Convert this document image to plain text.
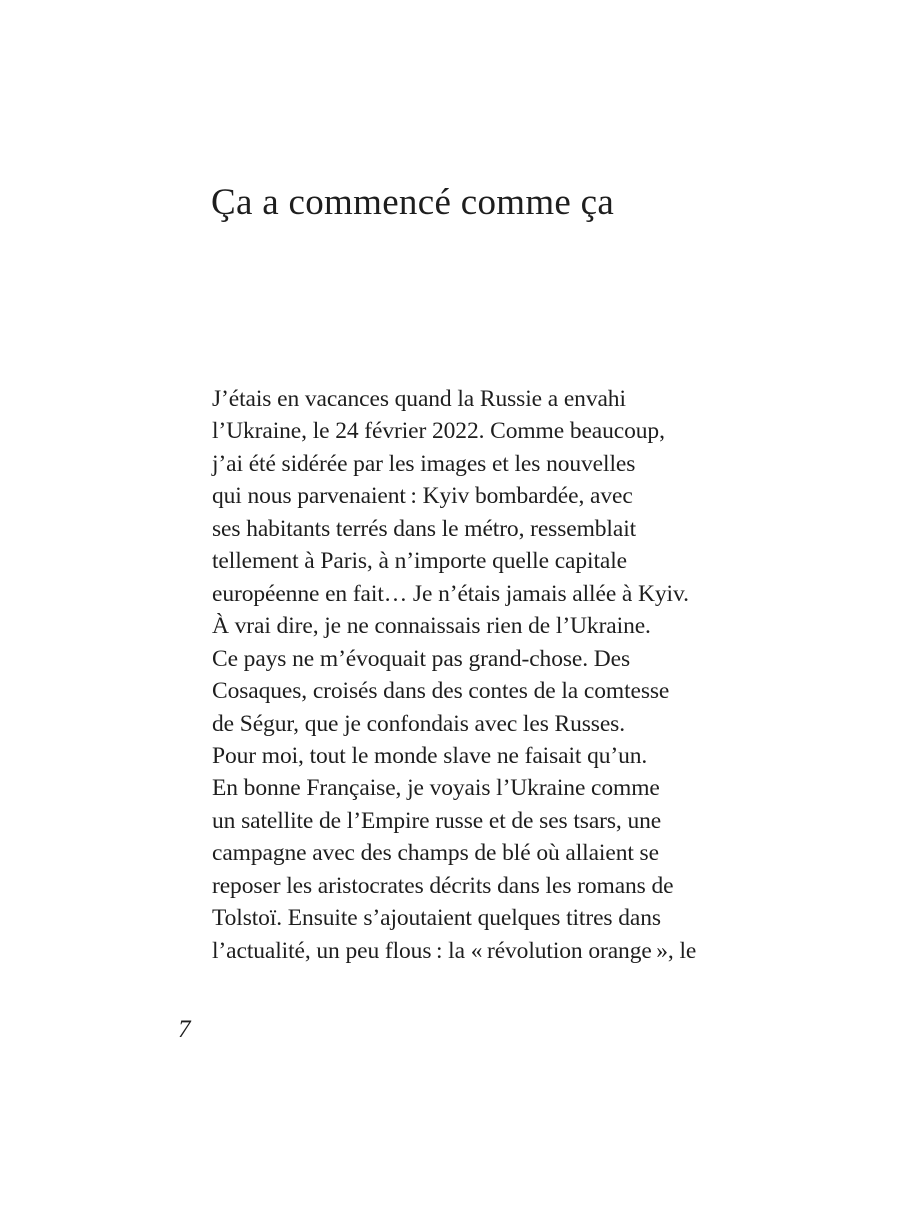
Ça a commencé comme ça
J’étais en vacances quand la Russie a envahi
l’Ukraine, le 24 février 2022. Comme beaucoup,
j’ai été sidérée par les images et les nouvelles
qui nous parvenaient : Kyiv bombardée, avec
ses habitants terrés dans le métro, ressemblait
tellement à Paris, à n’importe quelle capitale
européenne en fait… Je n’étais jamais allée à Kyiv.
À vrai dire, je ne connaissais rien de l’Ukraine.
Ce pays ne m’évoquait pas grand-chose. Des
Cosaques, croisés dans des contes de la comtesse
de Ségur, que je confondais avec les Russes.
Pour moi, tout le monde slave ne faisait qu’un.
En bonne Française, je voyais l’Ukraine comme
un satellite de l’Empire russe et de ses tsars, une
campagne avec des champs de blé où allaient se
reposer les aristocrates décrits dans les romans de
Tolstoï. Ensuite s’ajoutaient quelques titres dans
l’actualité, un peu flous : la « révolution orange », le
7
